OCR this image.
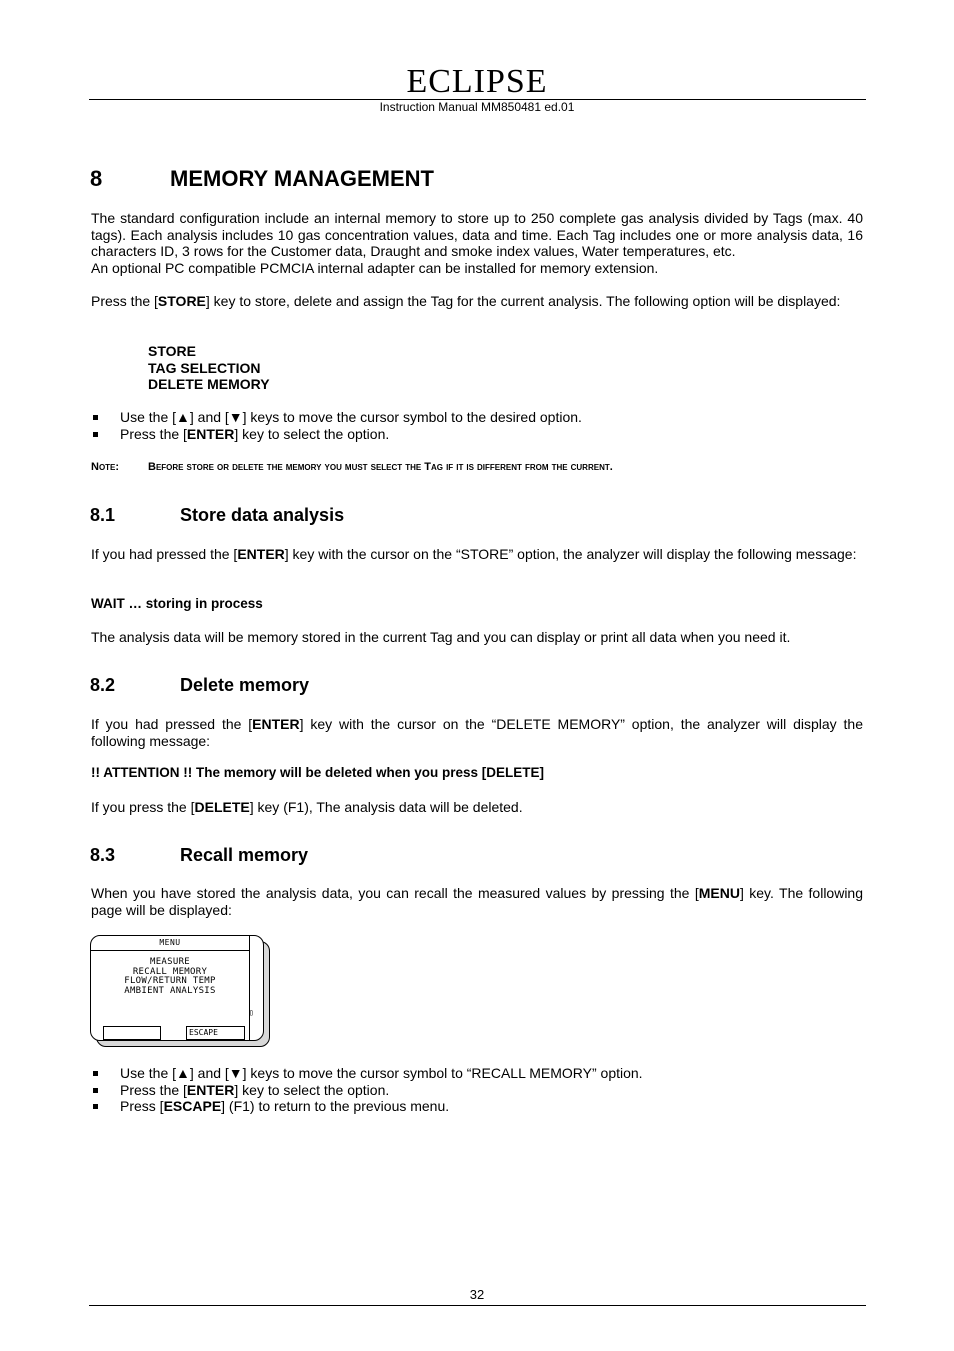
ECLIPSE
Instruction Manual MM850481 ed.01
8	MEMORY MANAGEMENT
The standard configuration include an internal memory to store up to 250 complete gas analysis divided by Tags (max. 40 tags). Each analysis includes 10 gas concentration values, data and time. Each Tag includes one or more analysis data, 16 characters ID, 3 rows for the Customer data, Draught and smoke index values, Water temperatures, etc.
An optional PC compatible PCMCIA internal adapter can be installed for memory extension.
Press the [STORE] key to store, delete and assign the Tag for the current analysis. The following option will be displayed:
STORE
TAG SELECTION
DELETE MEMORY
Use the [▲] and [▼] keys to move the cursor symbol to the desired option.
Press the [ENTER] key to select the option.
Note:	Before store or delete the memory you must select the Tag if it is different from the current.
8.1	Store data analysis
If you had pressed the [ENTER] key with the cursor on the “STORE” option, the analyzer will display the following message:
WAIT … storing in process
The analysis data will be memory stored in the current Tag and you can display or print all data when you need it.
8.2	Delete memory
If you had pressed the [ENTER] key with the cursor on the “DELETE MEMORY” option, the analyzer will display the following message:
!! ATTENTION !! The memory will be deleted when you press [DELETE]
If you press the [DELETE] key (F1), The analysis data will be deleted.
8.3	Recall memory
When you have stored the analysis data, you can recall the measured values by pressing the [MENU] key. The following page will be displayed:
MENU
MEASURE
RECALL MEMORY
FLOW/RETURN TEMP
AMBIENT ANALYSIS
▯
ESCAPE
Use the [▲] and [▼] keys to move the cursor symbol to “RECALL MEMORY” option.
Press the [ENTER] key to select the option.
Press [ESCAPE] (F1) to return to the previous menu.
32
